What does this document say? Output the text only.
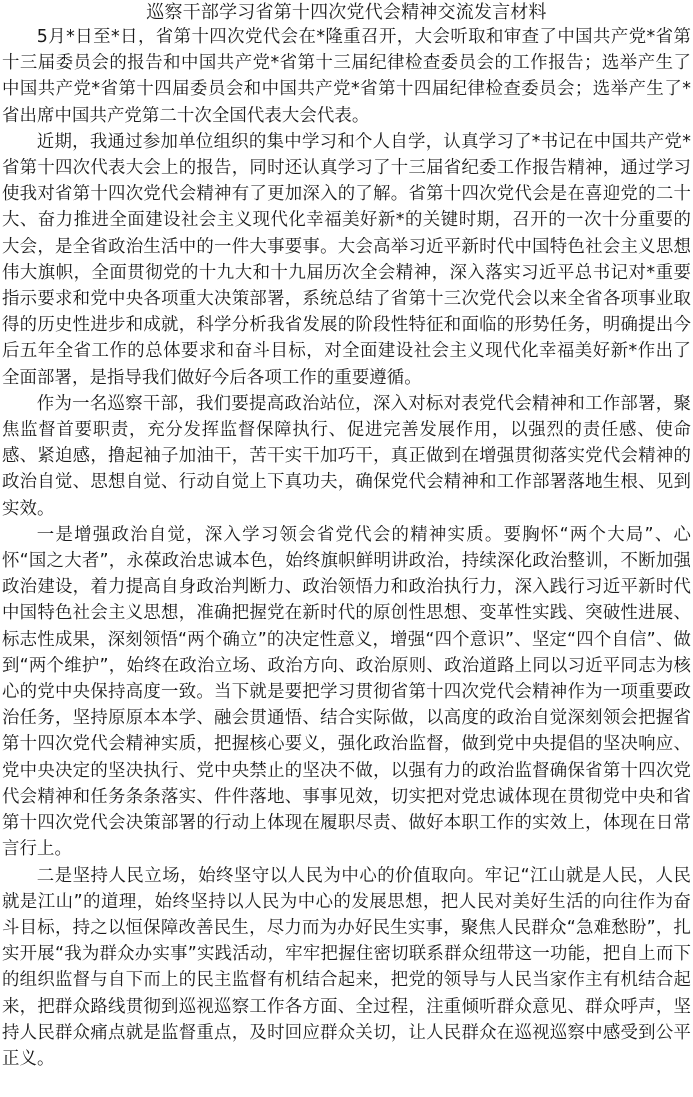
巡察干部学习省第十四次党代会精神交流发言材料

5月*日至*日，省第十四次党代会在*隆重召开，大会听取和审查了中国共产党*省第十三届委员会的报告和中国共产党*省第十三届纪律检查委员会的工作报告；选举产生了中国共产党*省第十四届委员会和中国共产党*省第十四届纪律检查委员会；选举产生了*省出席中国共产党第二十次全国代表大会代表。

近期，我通过参加单位组织的集中学习和个人自学，认真学习了*书记在中国共产党*省第十四次代表大会上的报告，同时还认真学习了十三届省纪委工作报告精神，通过学习使我对省第十四次党代会精神有了更加深入的了解。省第十四次党代会是在喜迎党的二十大、奋力推进全面建设社会主义现代化幸福美好新*的关键时期，召开的一次十分重要的大会，是全省政治生活中的一件大事要事。大会高举习近平新时代中国特色社会主义思想伟大旗帜，全面贯彻党的十九大和十九届历次全会精神，深入落实习近平总书记对*重要指示要求和党中央各项重大决策部署，系统总结了省第十三次党代会以来全省各项事业取得的历史性进步和成就，科学分析我省发展的阶段性特征和面临的形势任务，明确提出今后五年全省工作的总体要求和奋斗目标，对全面建设社会主义现代化幸福美好新*作出了全面部署，是指导我们做好今后各项工作的重要遵循。

作为一名巡察干部，我们要提高政治站位，深入对标对表党代会精神和工作部署，聚焦监督首要职责，充分发挥监督保障执行、促进完善发展作用，以强烈的责任感、使命感、紧迫感，撸起袖子加油干，苦干实干加巧干，真正做到在增强贯彻落实党代会精神的政治自觉、思想自觉、行动自觉上下真功夫，确保党代会精神和工作部署落地生根、见到实效。

一是增强政治自觉，深入学习领会省党代会的精神实质。要胸怀“两个大局”、心怀“国之大者”，永葆政治忠诚本色，始终旗帜鲜明讲政治，持续深化政治整训，不断加强政治建设，着力提高自身政治判断力、政治领悟力和政治执行力，深入践行习近平新时代中国特色社会主义思想，准确把握党在新时代的原创性思想、变革性实践、突破性进展、标志性成果，深刻领悟“两个确立”的决定性意义，增强“四个意识”、坚定“四个自信”、做到“两个维护”，始终在政治立场、政治方向、政治原则、政治道路上同以习近平同志为核心的党中央保持高度一致。当下就是要把学习贯彻省第十四次党代会精神作为一项重要政治任务，坚持原原本本学、融会贯通悟、结合实际做，以高度的政治自觉深刻领会把握省第十四次党代会精神实质，把握核心要义，强化政治监督，做到党中央提倡的坚决响应、党中央决定的坚决执行、党中央禁止的坚决不做，以强有力的政治监督确保省第十四次党代会精神和任务条条落实、件件落地、事事见效，切实把对党忠诚体现在贯彻党中央和省第十四次党代会决策部署的行动上体现在履职尽责、做好本职工作的实效上，体现在日常言行上。

二是坚持人民立场，始终坚守以人民为中心的价值取向。牢记“江山就是人民，人民就是江山”的道理，始终坚持以人民为中心的发展思想，把人民对美好生活的向往作为奋斗目标，持之以恒保障改善民生，尽力而为办好民生实事，聚焦人民群众“急难愁盼”，扎实开展“我为群众办实事”实践活动，牢牢把握住密切联系群众纽带这一功能，把自上而下的组织监督与自下而上的民主监督有机结合起来，把党的领导与人民当家作主有机结合起来，把群众路线贯彻到巡视巡察工作各方面、全过程，注重倾听群众意见、群众呼声，坚持人民群众痛点就是监督重点，及时回应群众关切，让人民群众在巡视巡察中感受到公平正义。
